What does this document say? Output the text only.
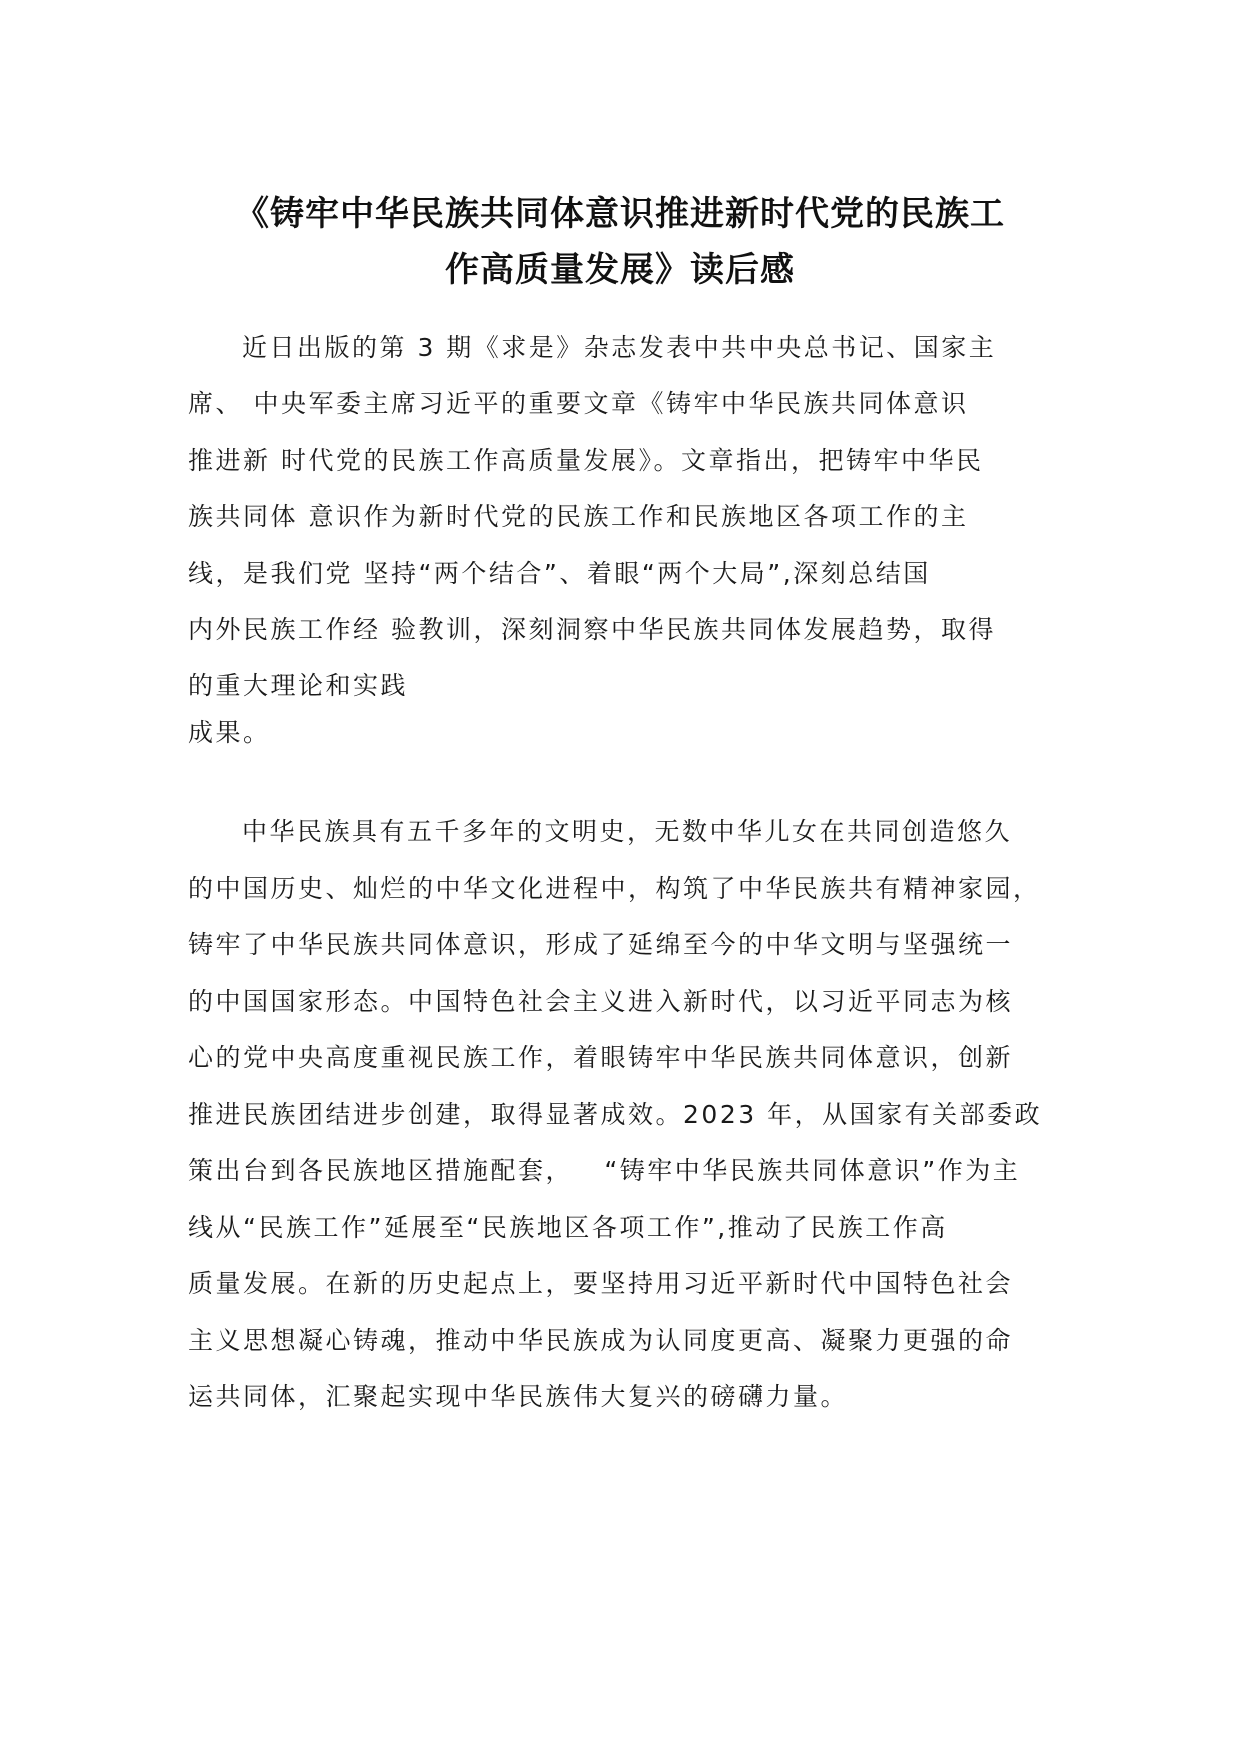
《铸牢中华民族共同体意识推进新时代党的民族工
作高质量发展》读后感

近日出版的第 3 期《求是》杂志发表中共中央总书记、国家主

席、 中央军委主席习近平的重要文章《铸牢中华民族共同体意识

推进新 时代党的民族工作高质量发展》。文章指出，把铸牢中华民

族共同体 意识作为新时代党的民族工作和民族地区各项工作的主

线，是我们党 坚持“两个结合”、着眼“两个大局”,深刻总结国

内外民族工作经 验教训，深刻洞察中华民族共同体发展趋势，取得

的重大理论和实践

成果。

中华民族具有五千多年的文明史，无数中华儿女在共同创造悠久

的中国历史、灿烂的中华文化进程中，构筑了中华民族共有精神家园，

铸牢了中华民族共同体意识，形成了延绵至今的中华文明与坚强统一

的中国国家形态。中国特色社会主义进入新时代，以习近平同志为核

心的党中央高度重视民族工作，着眼铸牢中华民族共同体意识，创新

推进民族团结进步创建，取得显著成效。2023 年，从国家有关部委政

策出台到各民族地区措施配套，   “铸牢中华民族共同体意识”作为主

线从“民族工作”延展至“民族地区各项工作”,推动了民族工作高

质量发展。在新的历史起点上，要坚持用习近平新时代中国特色社会

主义思想凝心铸魂，推动中华民族成为认同度更高、凝聚力更强的命

运共同体，汇聚起实现中华民族伟大复兴的磅礴力量。
